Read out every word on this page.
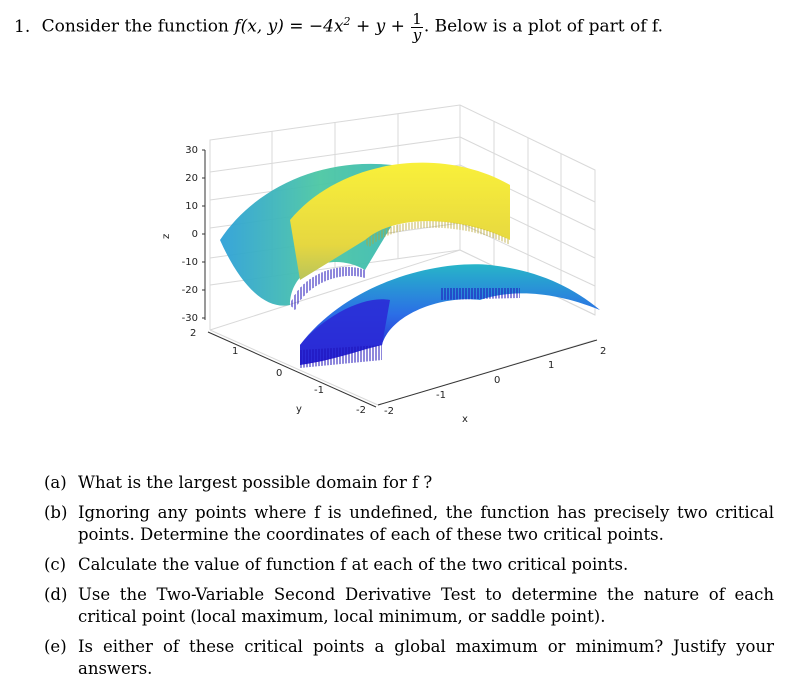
1. Consider the function f(x, $y) = -4x^2 + y + \frac{1}{y}$ . Below is a plot of part of f.
30
20
10
0
-10
-20
-30
z
2
1
0
-1
-2
y	-2
-1
0
1
2
x
(a) What is the largest possible domain for f ?
(b) Ignoring any points where f is undefined, the function has precisely two critical points. Determine the coordinates of each of these two critical points.
(c) Calculate the value of function f at each of the two critical points.
(d) Use the Two-Variable Second Derivative Test to determine the nature of each critical point (local maximum, local minimum, or saddle point).
(e) Is either of these critical points a global maximum or minimum? Justify your answers.
